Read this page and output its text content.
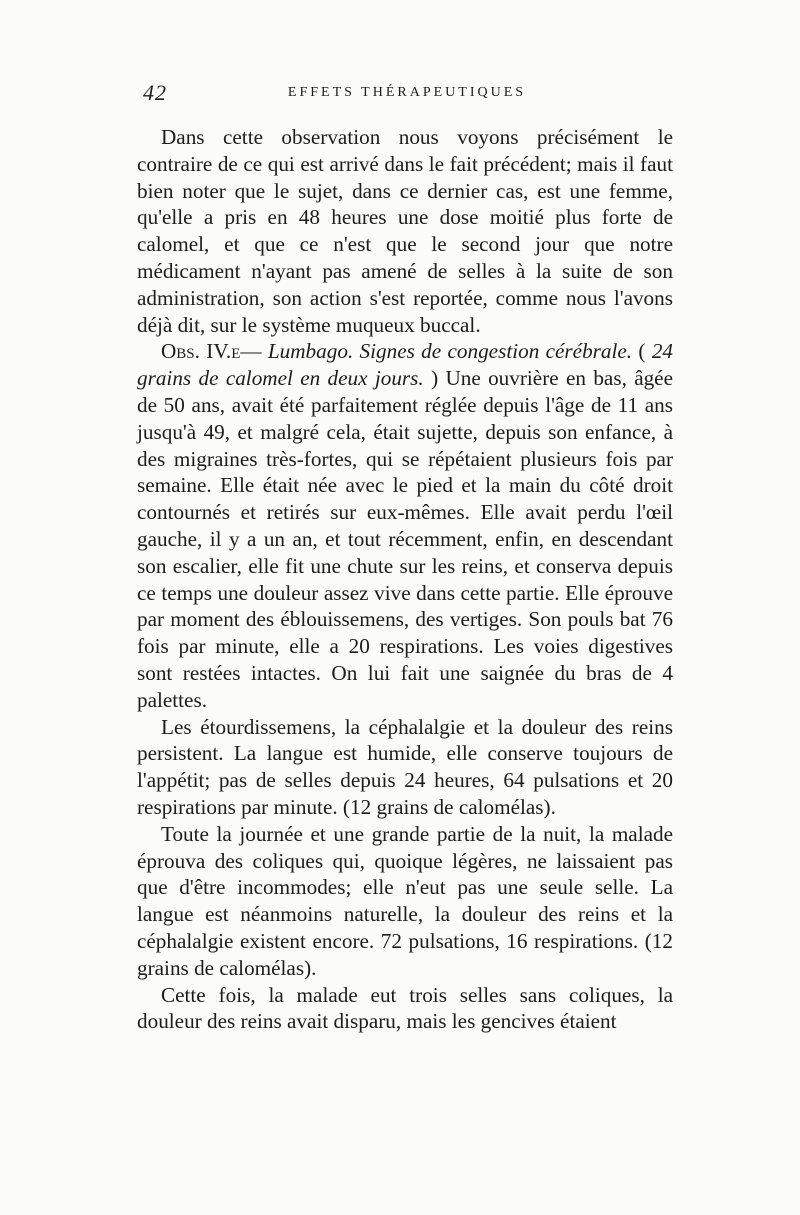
42	EFFETS THÉRAPEUTIQUES

Dans cette observation nous voyons précisément le contraire de ce qui est arrivé dans le fait précédent; mais il faut bien noter que le sujet, dans ce dernier cas, est une femme, qu'elle a pris en 48 heures une dose moitié plus forte de calomel, et que ce n'est que le second jour que notre médicament n'ayant pas amené de selles à la suite de son administration, son action s'est reportée, comme nous l'avons déjà dit, sur le système muqueux buccal.

Obs. IV.e— Lumbago. Signes de congestion cérébrale. ( 24 grains de calomel en deux jours. ) Une ouvrière en bas, âgée de 50 ans, avait été parfaitement réglée depuis l'âge de 11 ans jusqu'à 49, et malgré cela, était sujette, depuis son enfance, à des migraines très-fortes, qui se répétaient plusieurs fois par semaine. Elle était née avec le pied et la main du côté droit contournés et retirés sur eux-mêmes. Elle avait perdu l'œil gauche, il y a un an, et tout récemment, enfin, en descendant son escalier, elle fit une chute sur les reins, et conserva depuis ce temps une douleur assez vive dans cette partie. Elle éprouve par moment des éblouissemens, des vertiges. Son pouls bat 76 fois par minute, elle a 20 respirations. Les voies digestives sont restées intactes. On lui fait une saignée du bras de 4 palettes.

Les étourdissemens, la céphalalgie et la douleur des reins persistent. La langue est humide, elle conserve toujours de l'appétit; pas de selles depuis 24 heures, 64 pulsations et 20 respirations par minute. (12 grains de calomélas).

Toute la journée et une grande partie de la nuit, la malade éprouva des coliques qui, quoique légères, ne laissaient pas que d'être incommodes; elle n'eut pas une seule selle. La langue est néanmoins naturelle, la douleur des reins et la céphalalgie existent encore. 72 pulsations, 16 respirations. (12 grains de calomélas).

Cette fois, la malade eut trois selles sans coliques, la douleur des reins avait disparu, mais les gencives étaient
